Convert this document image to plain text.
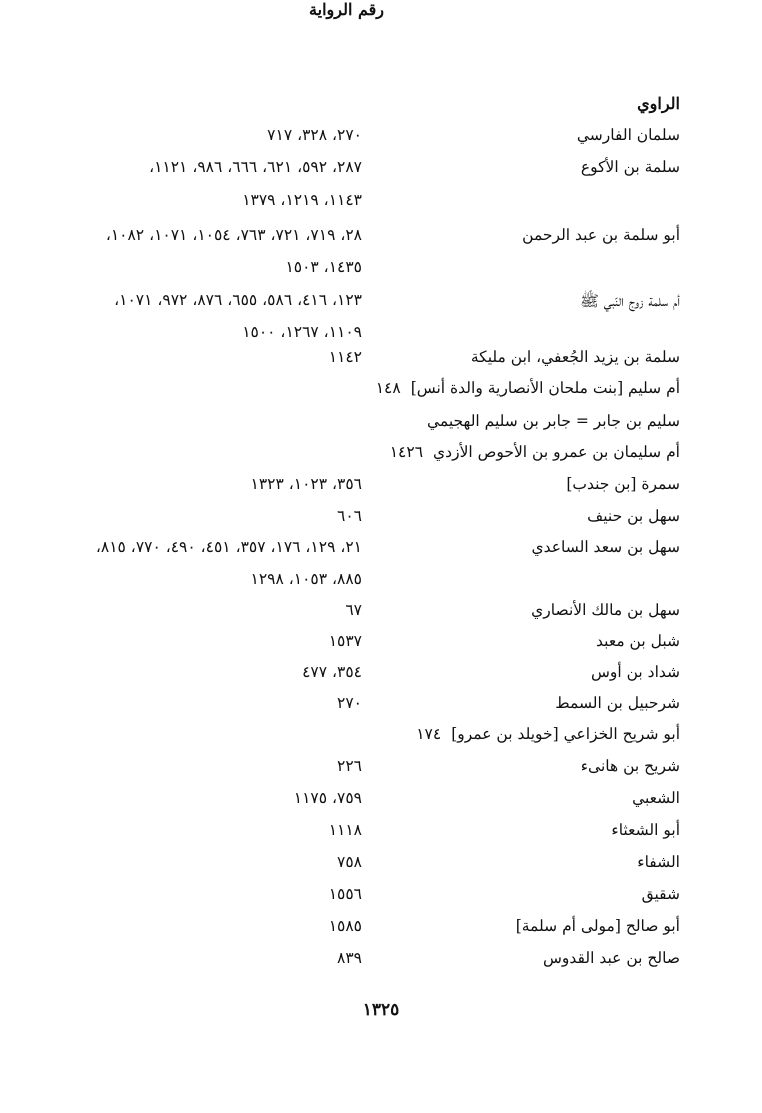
الراوي
رقم الرواية
سلمان الفارسي
٢٧٠، ٣٢٨، ٧١٧
سلمة بن الأكوع
٢٨٧، ٥٩٢، ٦٢١، ٦٦٦، ٩٨٦، ١١٢١،
١١٤٣، ١٢١٩، ١٣٧٩
أبو سلمة بن عبد الرحمن
٢٨، ٧١٩، ٧٢١، ٧٦٣، ١٠٥٤، ١٠٧١، ١٠٨٢،
١٤٣٥، ١٥٠٣
أم سلمة زوج النّبي ﷺ
١٢٣، ٤١٦، ٥٨٦، ٦٥٥، ٨٧٦، ٩٧٢، ١٠٧١،
١١٠٩، ١٢٦٧، ١٥٠٠
سلمة بن يزيد الجُعفي، ابن مليكة
١١٤٢
أم سليم [بنت ملحان الأنصارية والدة أنس]١٤٨
سليم بن جابر = جابر بن سليم الهجيمي
أم سليمان بن عمرو بن الأحوص الأزدي١٤٢٦
سمرة [بن جندب]
٣٥٦، ١٠٢٣، ١٣٢٣
سهل بن حنيف
٦٠٦
سهل بن سعد الساعدي
٢١، ١٢٩، ١٧٦، ٣٥٧، ٤٥١، ٤٩٠، ٧٧٠، ٨١٥،
٨٨٥، ١٠٥٣، ١٢٩٨
سهل بن مالك الأنصاري
٦٧
شبل بن معبد
١٥٣٧
شداد بن أوس
٣٥٤، ٤٧٧
شرحبيل بن السمط
٢٧٠
أبو شريح الخزاعي [خويلد بن عمرو]١٧٤
شريح بن هانىء
٢٢٦
الشعبي
٧٥٩، ١١٧٥
أبو الشعثاء
١١١٨
الشفاء
٧٥٨
شقيق
١٥٥٦
أبو صالح [مولى أم سلمة]
١٥٨٥
صالح بن عبد القدوس
٨٣٩
١٣٢٥
